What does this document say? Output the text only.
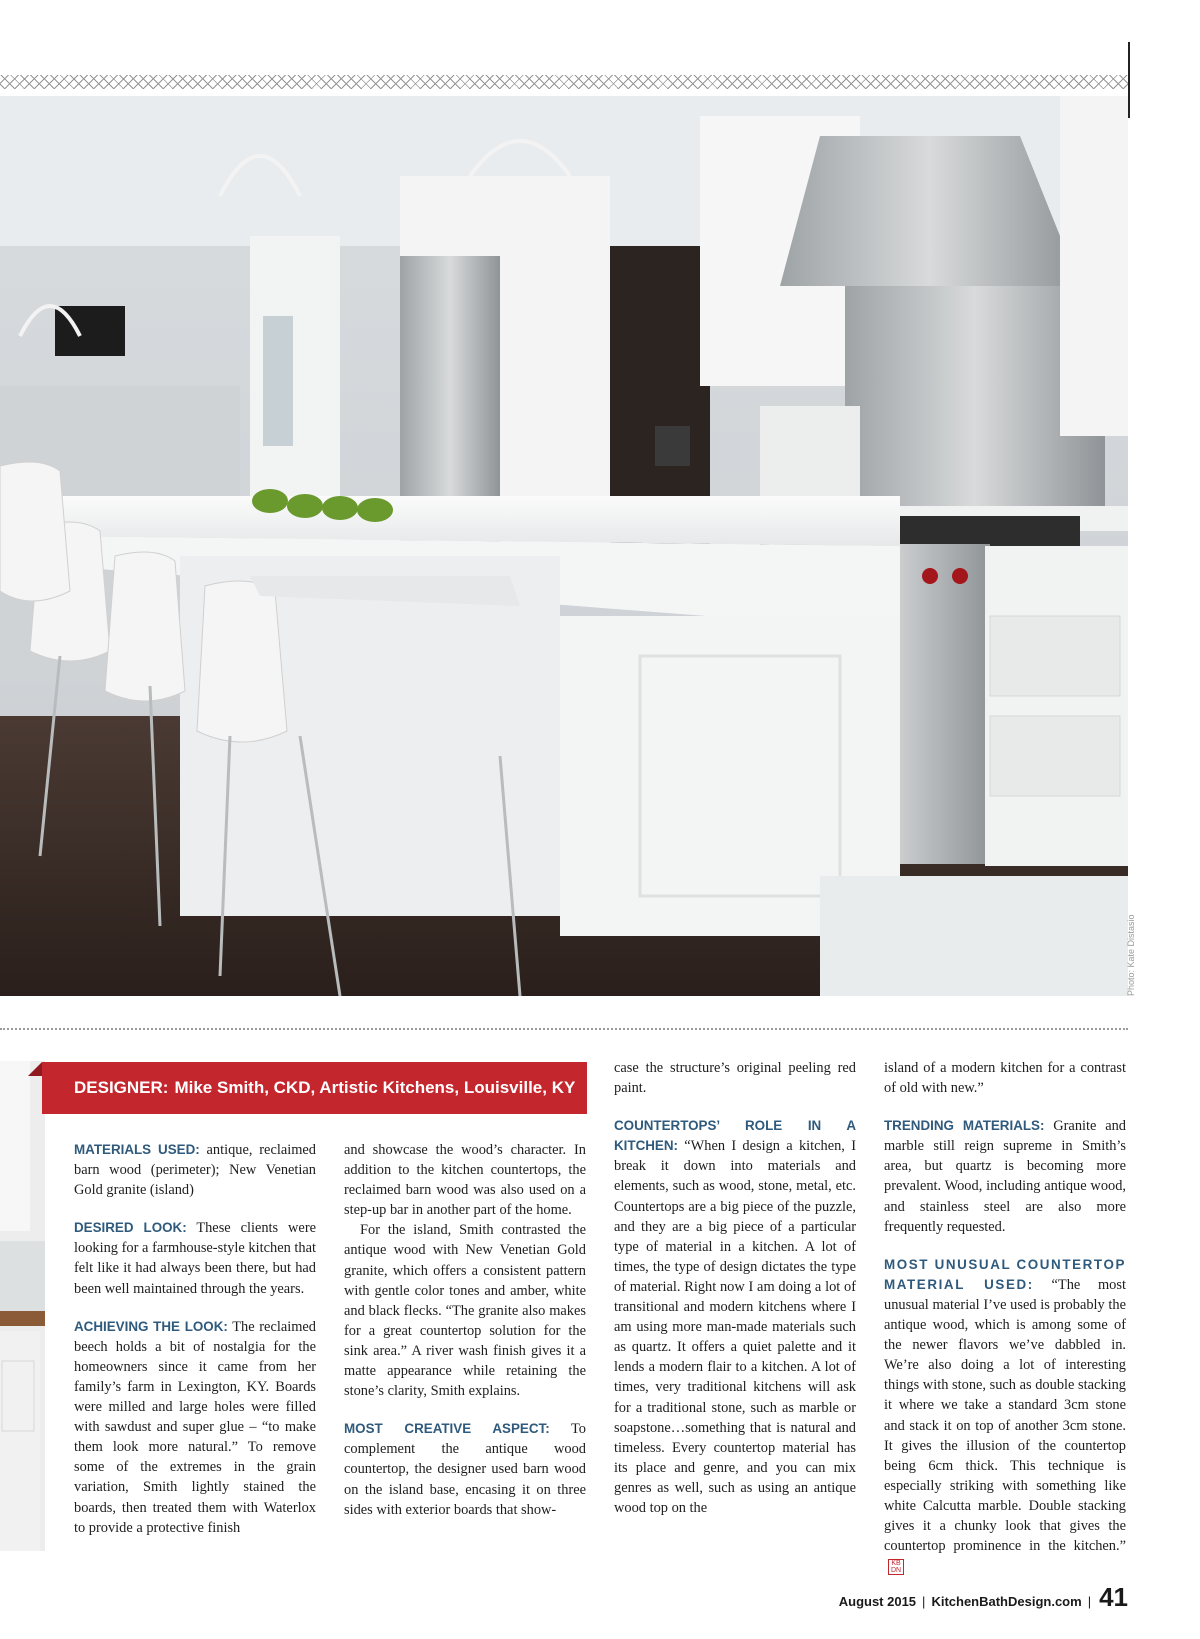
Photo: Kate Distasio
DESIGNER: Mike Smith, CKD, Artistic Kitchens, Louisville, KY

MATERIALS USED: antique, reclaimed barn wood (perimeter); New Venetian Gold granite (island)

DESIRED LOOK: These clients were looking for a farmhouse-style kitchen that felt like it had always been there, but had been well maintained through the years.

ACHIEVING THE LOOK: The reclaimed beech holds a bit of nostalgia for the homeowners since it came from her family’s farm in Lexington, KY. Boards were milled and large holes were filled with sawdust and super glue – “to make them look more natural.” To remove some of the extremes in the grain variation, Smith lightly stained the boards, then treated them with Waterlox to provide a protective finish

and showcase the wood’s character. In addition to the kitchen countertops, the reclaimed barn wood was also used on a step-up bar in another part of the home.

For the island, Smith contrasted the antique wood with New Venetian Gold granite, which offers a consistent pattern with gentle color tones and amber, white and black flecks. “The granite also makes for a great countertop solution for the sink area.” A river wash finish gives it a matte appearance while retaining the stone’s clarity, Smith explains.

MOST CREATIVE ASPECT: To complement the antique wood countertop, the designer used barn wood on the island base, encasing it on three sides with exterior boards that show-

case the structure’s original peeling red paint.

COUNTERTOPS’ ROLE IN A KITCHEN: “When I design a kitchen, I break it down into materials and elements, such as wood, stone, metal, etc. Countertops are a big piece of the puzzle, and they are a big piece of a particular type of material in a kitchen. A lot of times, the type of design dictates the type of material. Right now I am doing a lot of transitional and modern kitchens where I am using more man-made materials such as quartz. It offers a quiet palette and it lends a modern flair to a kitchen. A lot of times, very traditional kitchens will ask for a traditional stone, such as marble or soapstone…something that is natural and timeless. Every countertop material has its place and genre, and you can mix genres as well, such as using an antique wood top on the

island of a modern kitchen for a contrast of old with new.”

TRENDING MATERIALS: Granite and marble still reign supreme in Smith’s area, but quartz is becoming more prevalent. Wood, including antique wood, and stainless steel are also more frequently requested.

MOST UNUSUAL COUNTERTOP MATERIAL USED: “The most unusual material I’ve used is probably the antique wood, which is among some of the newer flavors we’ve dabbled in. We’re also doing a lot of interesting things with stone, such as double stacking it where we take a standard 3cm stone and stack it on top of another 3cm stone. It gives the illusion of the countertop being 6cm thick. This technique is especially striking with something like white Calcutta marble. Double stacking gives it a chunky look that gives the countertop prominence in the kitchen.”KB DN

August 2015 | KitchenBathDesign.com | 41
